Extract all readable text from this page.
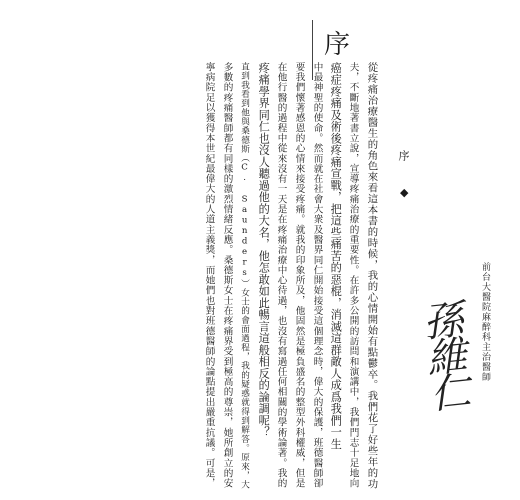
序
序
◆
前台大醫院麻醉科主治醫師
孫維仁
從疼痛治療醫生的角色來看這本書的時候，我的心情開始有點鬱卒。我們花了好些年的功
夫，不斷地著書立說，宣導疼痛治療的重要性。在許多公開的訪問和演講中，我們門志十足地向
癌症疼痛及術後疼痛宣戰，把這些痛苦的惡棍，消滅這群敵人成爲我們一生
中最神聖的使命。然而就在社會大衆及醫界同仁開始接受這個理念時，偉大的保護，班德醫師卻
要我們懷著感恩的心情來接受疼痛。就我的印象所及，他固然是極負盛名的整型外科權威，但是
在他行醫的過程中從來沒有一天是在疼痛治療中心待過，也沒有寫過任何相關的學術論著。我的
疼痛學界同仁也沒人聽過他的大名，他怎敢如此暢言這般相反的論調呢？
直到我看到他與桑德斯（C. Saunders）女士的會面過程，我的疑惑就得到解答。原來，大
多數的疼痛醫師都有同樣的激烈情緒反應。桑德斯女士在疼痛界受到極高的尊崇，她所創立的安
寧病院足以獲得本世紀最偉大的人道主義獎，而她們也對班德醫師的論點提出嚴重抗議。可是，
